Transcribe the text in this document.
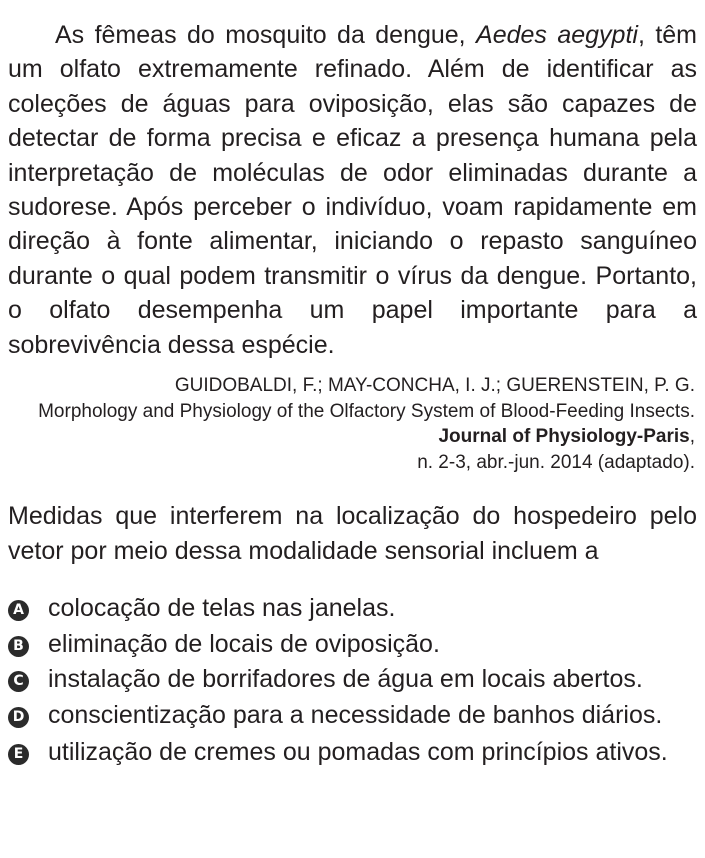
As fêmeas do mosquito da dengue, Aedes aegypti, têm um olfato extremamente refinado. Além de identificar as coleções de águas para oviposição, elas são capazes de detectar de forma precisa e eficaz a presença humana pela interpretação de moléculas de odor eliminadas durante a sudorese. Após perceber o indivíduo, voam rapidamente em direção à fonte alimentar, iniciando o repasto sanguíneo durante o qual podem transmitir o vírus da dengue. Portanto, o olfato desempenha um papel importante para a sobrevivência dessa espécie.

GUIDOBALDI, F.; MAY-CONCHA, I. J.; GUERENSTEIN, P. G.
Morphology and Physiology of the Olfactory System of Blood-Feeding Insects. Journal of Physiology-Paris,
n. 2-3, abr.-jun. 2014 (adaptado).

Medidas que interferem na localização do hospedeiro pelo vetor por meio dessa modalidade sensorial incluem a

A colocação de telas nas janelas.
B eliminação de locais de oviposição.
C instalação de borrifadores de água em locais abertos.
D conscientização para a necessidade de banhos diários.
E utilização de cremes ou pomadas com princípios ativos.
